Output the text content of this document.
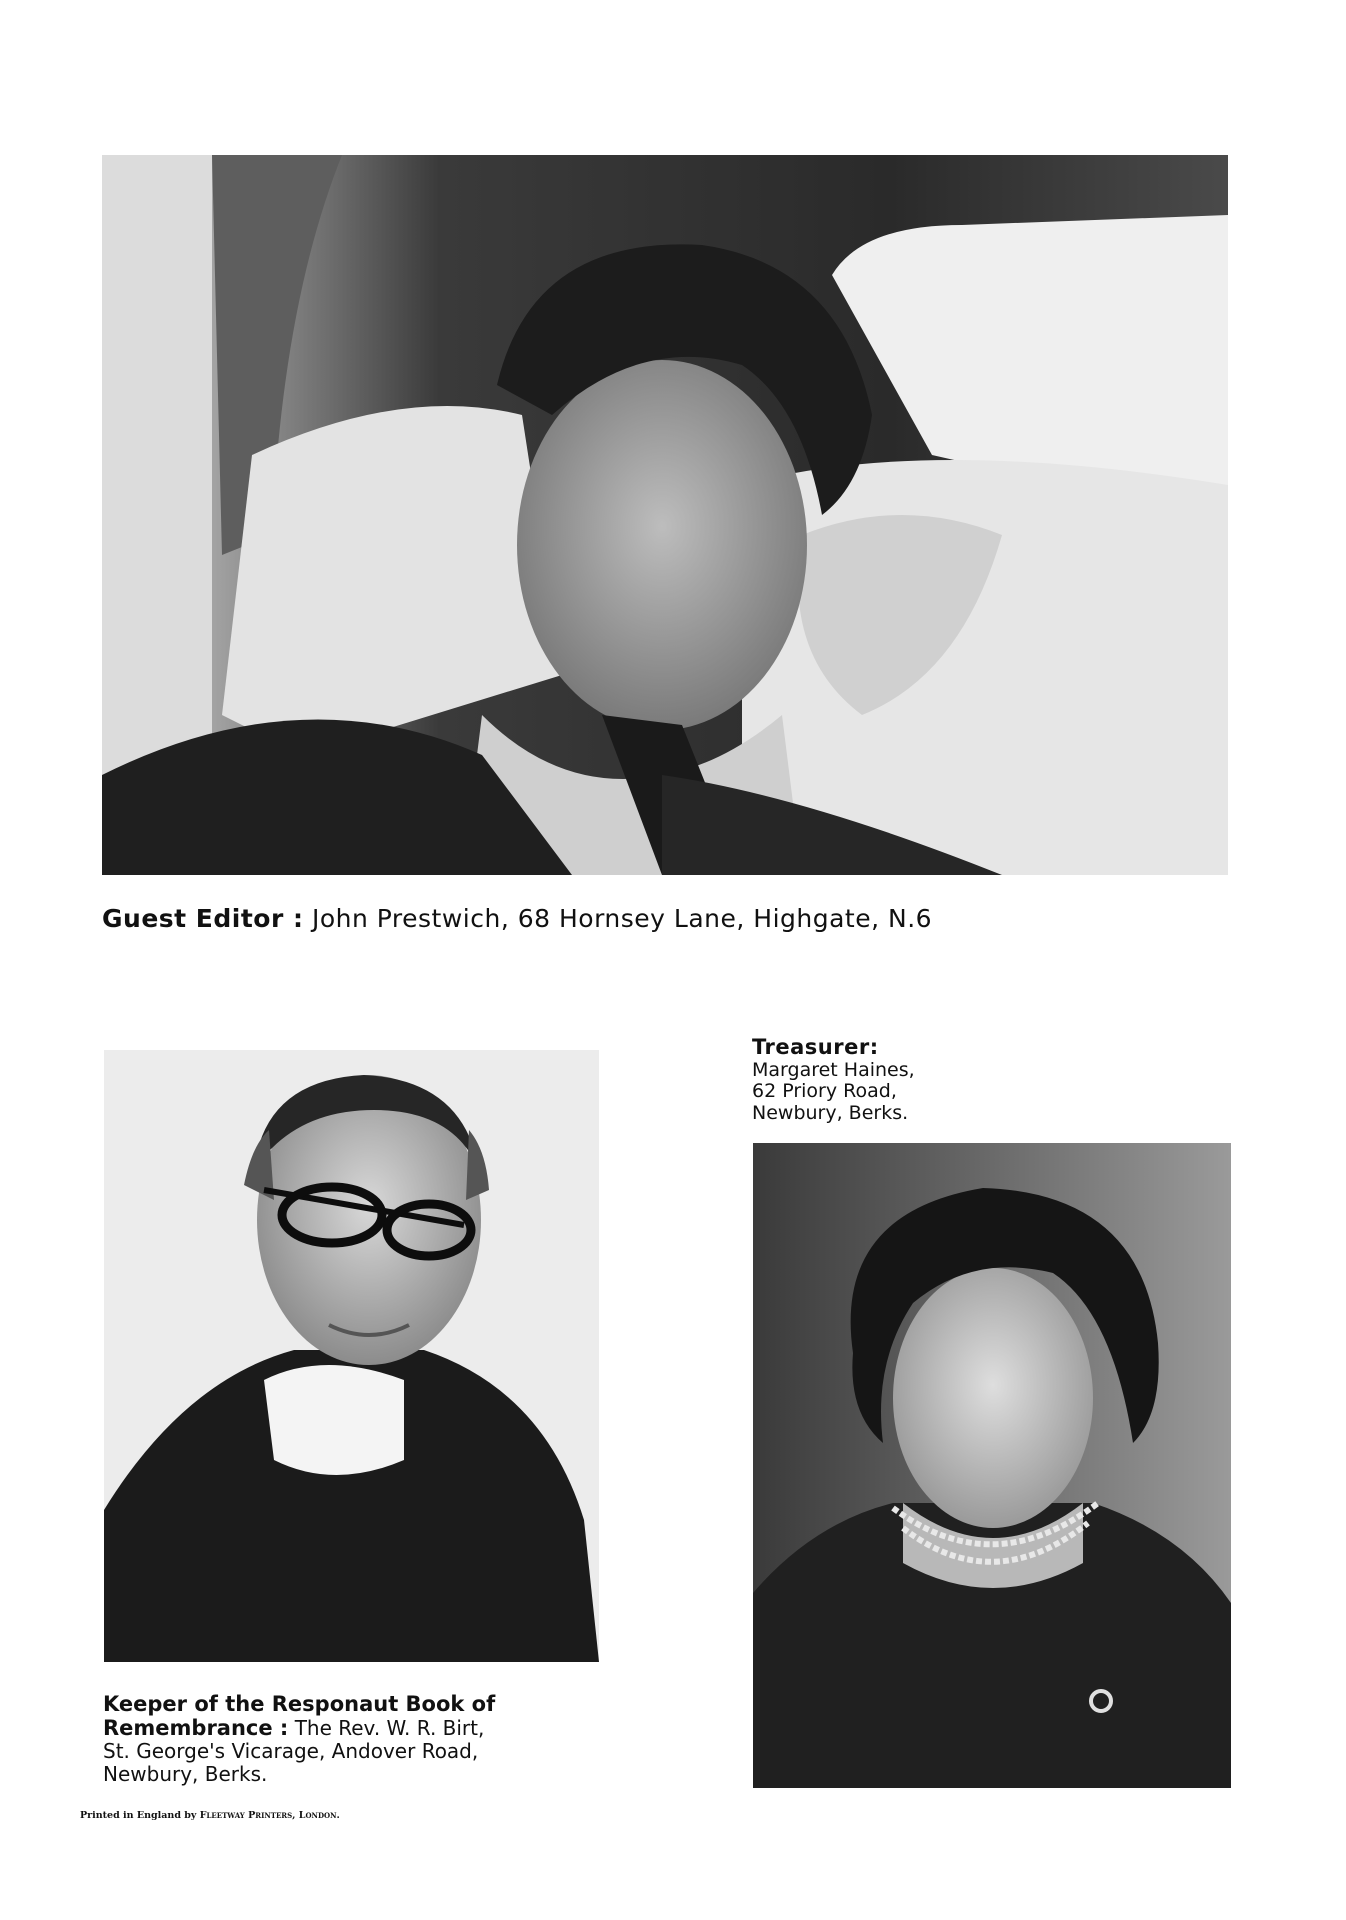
Guest Editor : John Prestwich, 68 Hornsey Lane, Highgate, N.6
Treasurer:
Margaret Haines,
62 Priory Road,
Newbury, Berks.
Keeper of the Responaut Book of
Remembrance : The Rev. W. R. Birt,
St. George's Vicarage, Andover Road,
Newbury, Berks.
Printed in England by Fleetway Printers, London.
